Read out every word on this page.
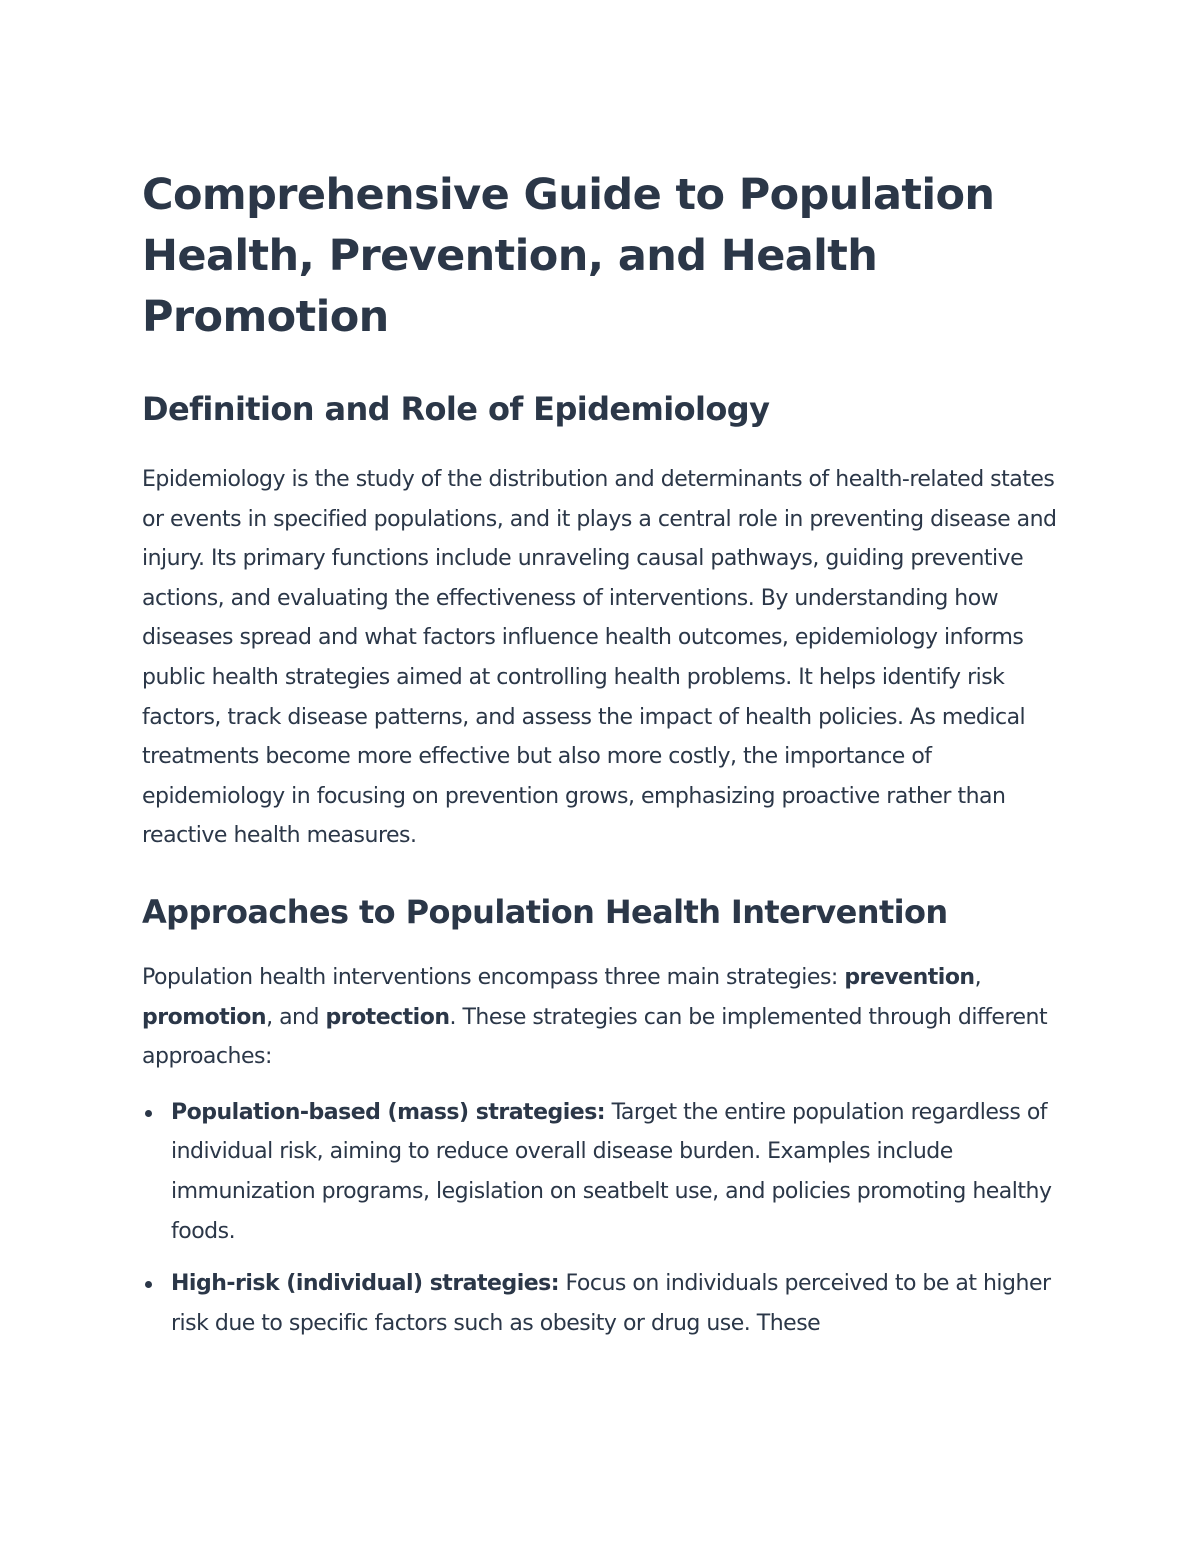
Comprehensive Guide to Population Health, Prevention, and Health Promotion
Definition and Role of Epidemiology

Epidemiology is the study of the distribution and determinants of health-related states or events in specified populations, and it plays a central role in preventing disease and injury. Its primary functions include unraveling causal pathways, guiding preventive actions, and evaluating the effectiveness of interventions. By understanding how diseases spread and what factors influence health outcomes, epidemiology informs public health strategies aimed at controlling health problems. It helps identify risk factors, track disease patterns, and assess the impact of health policies. As medical treatments become more effective but also more costly, the importance of epidemiology in focusing on prevention grows, emphasizing proactive rather than reactive health measures.

Approaches to Population Health Intervention

Population health interventions encompass three main strategies: prevention, promotion, and protection. These strategies can be implemented through different approaches:

Population-based (mass) strategies: Target the entire population regardless of individual risk, aiming to reduce overall disease burden. Examples include immunization programs, legislation on seatbelt use, and policies promoting healthy foods.
High-risk (individual) strategies: Focus on individuals perceived to be at higher risk due to specific factors such as obesity or drug use. These
